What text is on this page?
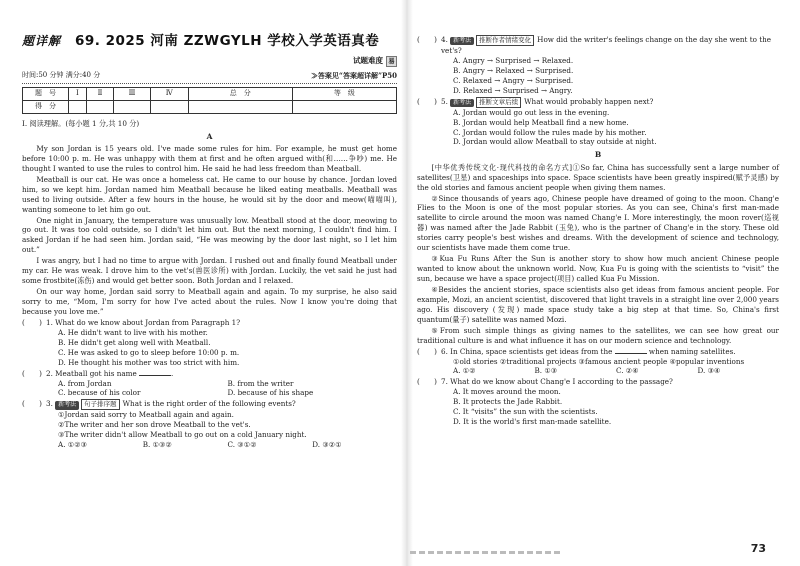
题详解 69. 2025 河南 ZZWGYLH 学校入学英语真卷
试题难度 易
时间:50 分钟 满分:40 分	≫答案见“答案超详解”P50
题　号	Ⅰ	Ⅱ	Ⅲ	Ⅳ	总　分	等　级
得　分						
Ⅰ. 阅读理解。(每小题 1 分,共 10 分)
A

My son Jordan is 15 years old. I've made some rules for him. For example, he must get home before 10:00 p. m. He was unhappy with them at first and he often argued with(和……争吵) me. He thought I wanted to use the rules to control him. He said he had less freedom than Meatball.

Meatball is our cat. He was once a homeless cat. He came to our house by chance. Jordan loved him, so we kept him. Jordan named him Meatball because he liked eating meatballs. Meatball was used to living outside. After a few hours in the house, he would sit by the door and meow(喵喵叫), wanting someone to let him go out.

One night in January, the temperature was unusually low. Meatball stood at the door, meowing to go out. It was too cold outside, so I didn't let him out. But the next morning, I couldn't find him. I asked Jordan if he had seen him. Jordan said, “He was meowing by the door last night, so I let him out.”

I was angry, but I had no time to argue with Jordan. I rushed out and finally found Meatball under my car. He was weak. I drove him to the vet's(兽医诊所) with Jordan. Luckily, the vet said he just had some frostbite(冻伤) and would get better soon. Both Jordan and I relaxed.

On our way home, Jordan said sorry to Meatball again and again. To my surprise, he also said sorry to me, “Mom, I'm sorry for how I've acted about the rules. Now I know you're doing that because you love me.”

(　　) 1. What do we know about Jordan from Paragraph 1?
A. He didn't want to live with his mother.
B. He didn't get along well with Meatball.
C. He was asked to go to sleep before 10:00 p. m.
D. He thought his mother was too strict with him.
(　　) 2. Meatball got his name	.
A. from Jordan	B. from the writer
C. because of his color	D. because of his shape
(　　) 3. 新考法 句子排序题 What is the right order of the following events?
①Jordan said sorry to Meatball again and again.
②The writer and her son drove Meatball to the vet's.
③The writer didn't allow Meatball to go out on a cold January night.
A. ①②③	B. ①③②	C. ③①②	D. ③②①
(　　) 4. 新考法 推断作者情绪变化 How did the writer's feelings change on the day she went to the vet's?
A. Angry → Surprised → Relaxed.
B. Angry → Relaxed → Surprised.
C. Relaxed → Angry → Surprised.
D. Relaxed → Surprised → Angry.
(　　) 5. 新考法 推断文章后续 What would probably happen next?
A. Jordan would go out less in the evening.
B. Jordan would help Meatball find a new home.
C. Jordan would follow the rules made by his mother.
D. Jordan would allow Meatball to stay outside at night.
B

[中华优秀传统文化·现代科技的命名方式]①So far, China has successfully sent a large number of satellites(卫星) and spaceships into space. Space scientists have been greatly inspired(赋予灵感) by the old stories and famous ancient people when giving them names.

②Since thousands of years ago, Chinese people have dreamed of going to the moon. Chang'e Flies to the Moon is one of the most popular stories. As you can see, China's first man-made satellite to circle around the moon was named Chang'e I. More interestingly, the moon rover(巡视器) was named after the Jade Rabbit (玉兔), who is the partner of Chang'e in the story. These old stories carry people's best wishes and dreams. With the development of science and technology, our scientists have made them come true.

③Kua Fu Runs After the Sun is another story to show how much ancient Chinese people wanted to know about the unknown world. Now, Kua Fu is going with the scientists to “visit” the sun, because we have a space project(项目) called Kua Fu Mission.

④Besides the ancient stories, space scientists also get ideas from famous ancient people. For example, Mozi, an ancient scientist, discovered that light travels in a straight line over 2,000 years ago. His discovery (发现) made space study take a big step at that time. So, China's first quantum(量子) satellite was named Mozi.

⑤From such simple things as giving names to the satellites, we can see how great our traditional culture is and what influence it has on our modern science and technology.

(　　) 6. In China, space scientists get ideas from the	when naming satellites.
①old stories ②traditional projects ③famous ancient people ④popular inventions
A. ①②	B. ①③	C. ②④	D. ③④
(　　) 7. What do we know about Chang'e I according to the passage?
A. It moves around the moon.
B. It protects the Jade Rabbit.
C. It “visits” the sun with the scientists.
D. It is the world's first man-made satellite.
73
